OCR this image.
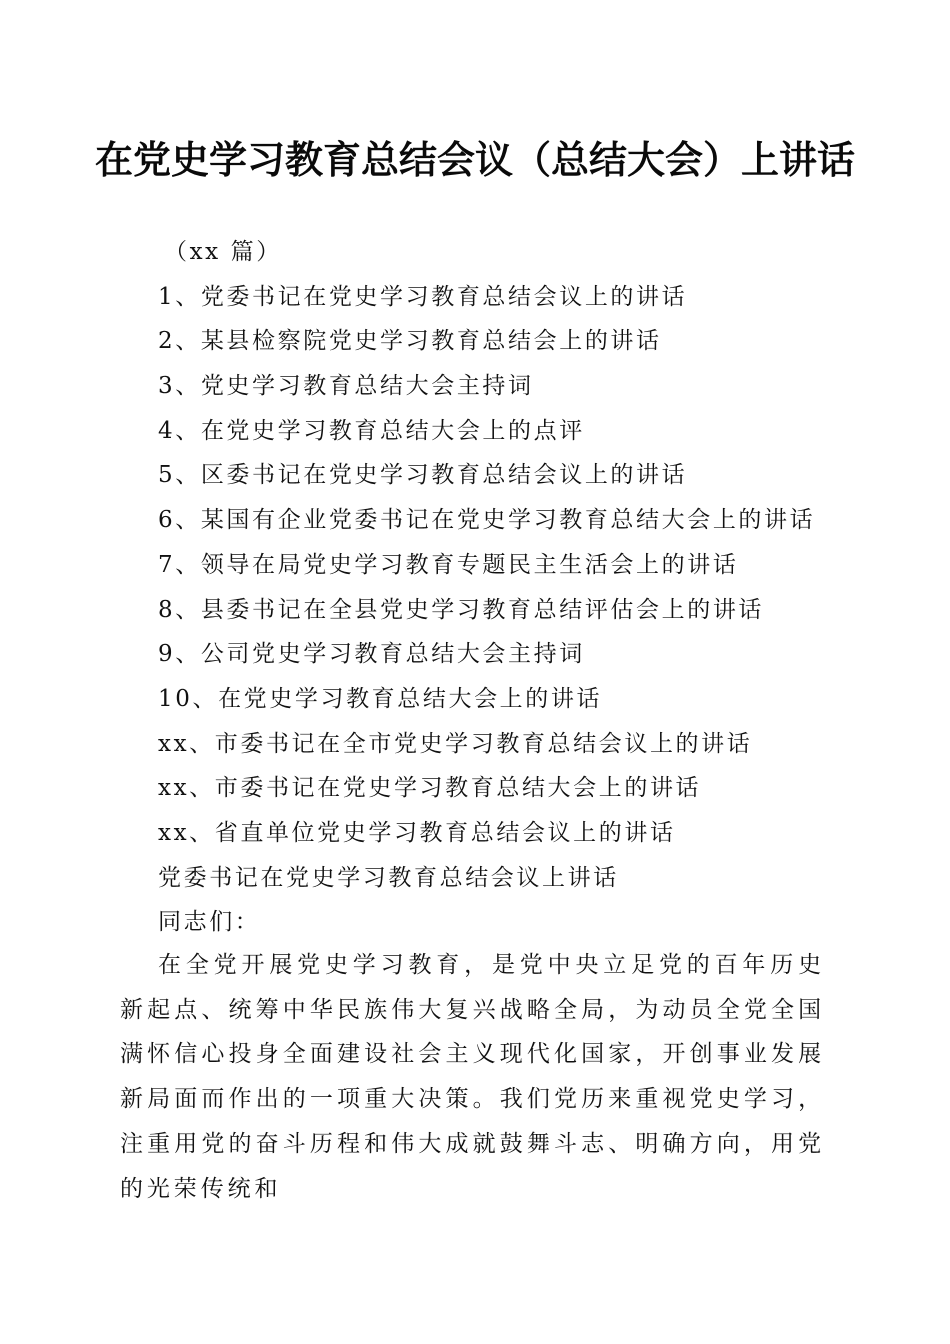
在党史学习教育总结会议（总结大会）上讲话
（xx 篇）
1、党委书记在党史学习教育总结会议上的讲话
2、某县检察院党史学习教育总结会上的讲话
3、党史学习教育总结大会主持词
4、在党史学习教育总结大会上的点评
5、区委书记在党史学习教育总结会议上的讲话
6、某国有企业党委书记在党史学习教育总结大会上的讲话
7、领导在局党史学习教育专题民主生活会上的讲话
8、县委书记在全县党史学习教育总结评估会上的讲话
9、公司党史学习教育总结大会主持词
10、在党史学习教育总结大会上的讲话
xx、市委书记在全市党史学习教育总结会议上的讲话
xx、市委书记在党史学习教育总结大会上的讲话
xx、省直单位党史学习教育总结会议上的讲话
党委书记在党史学习教育总结会议上讲话
同志们：

在全党开展党史学习教育，是党中央立足党的百年历史新起点、统筹中华民族伟大复兴战略全局，为动员全党全国满怀信心投身全面建设社会主义现代化国家，开创事业发展新局面而作出的一项重大决策。我们党历来重视党史学习，注重用党的奋斗历程和伟大成就鼓舞斗志、明确方向，用党的光荣传统和
